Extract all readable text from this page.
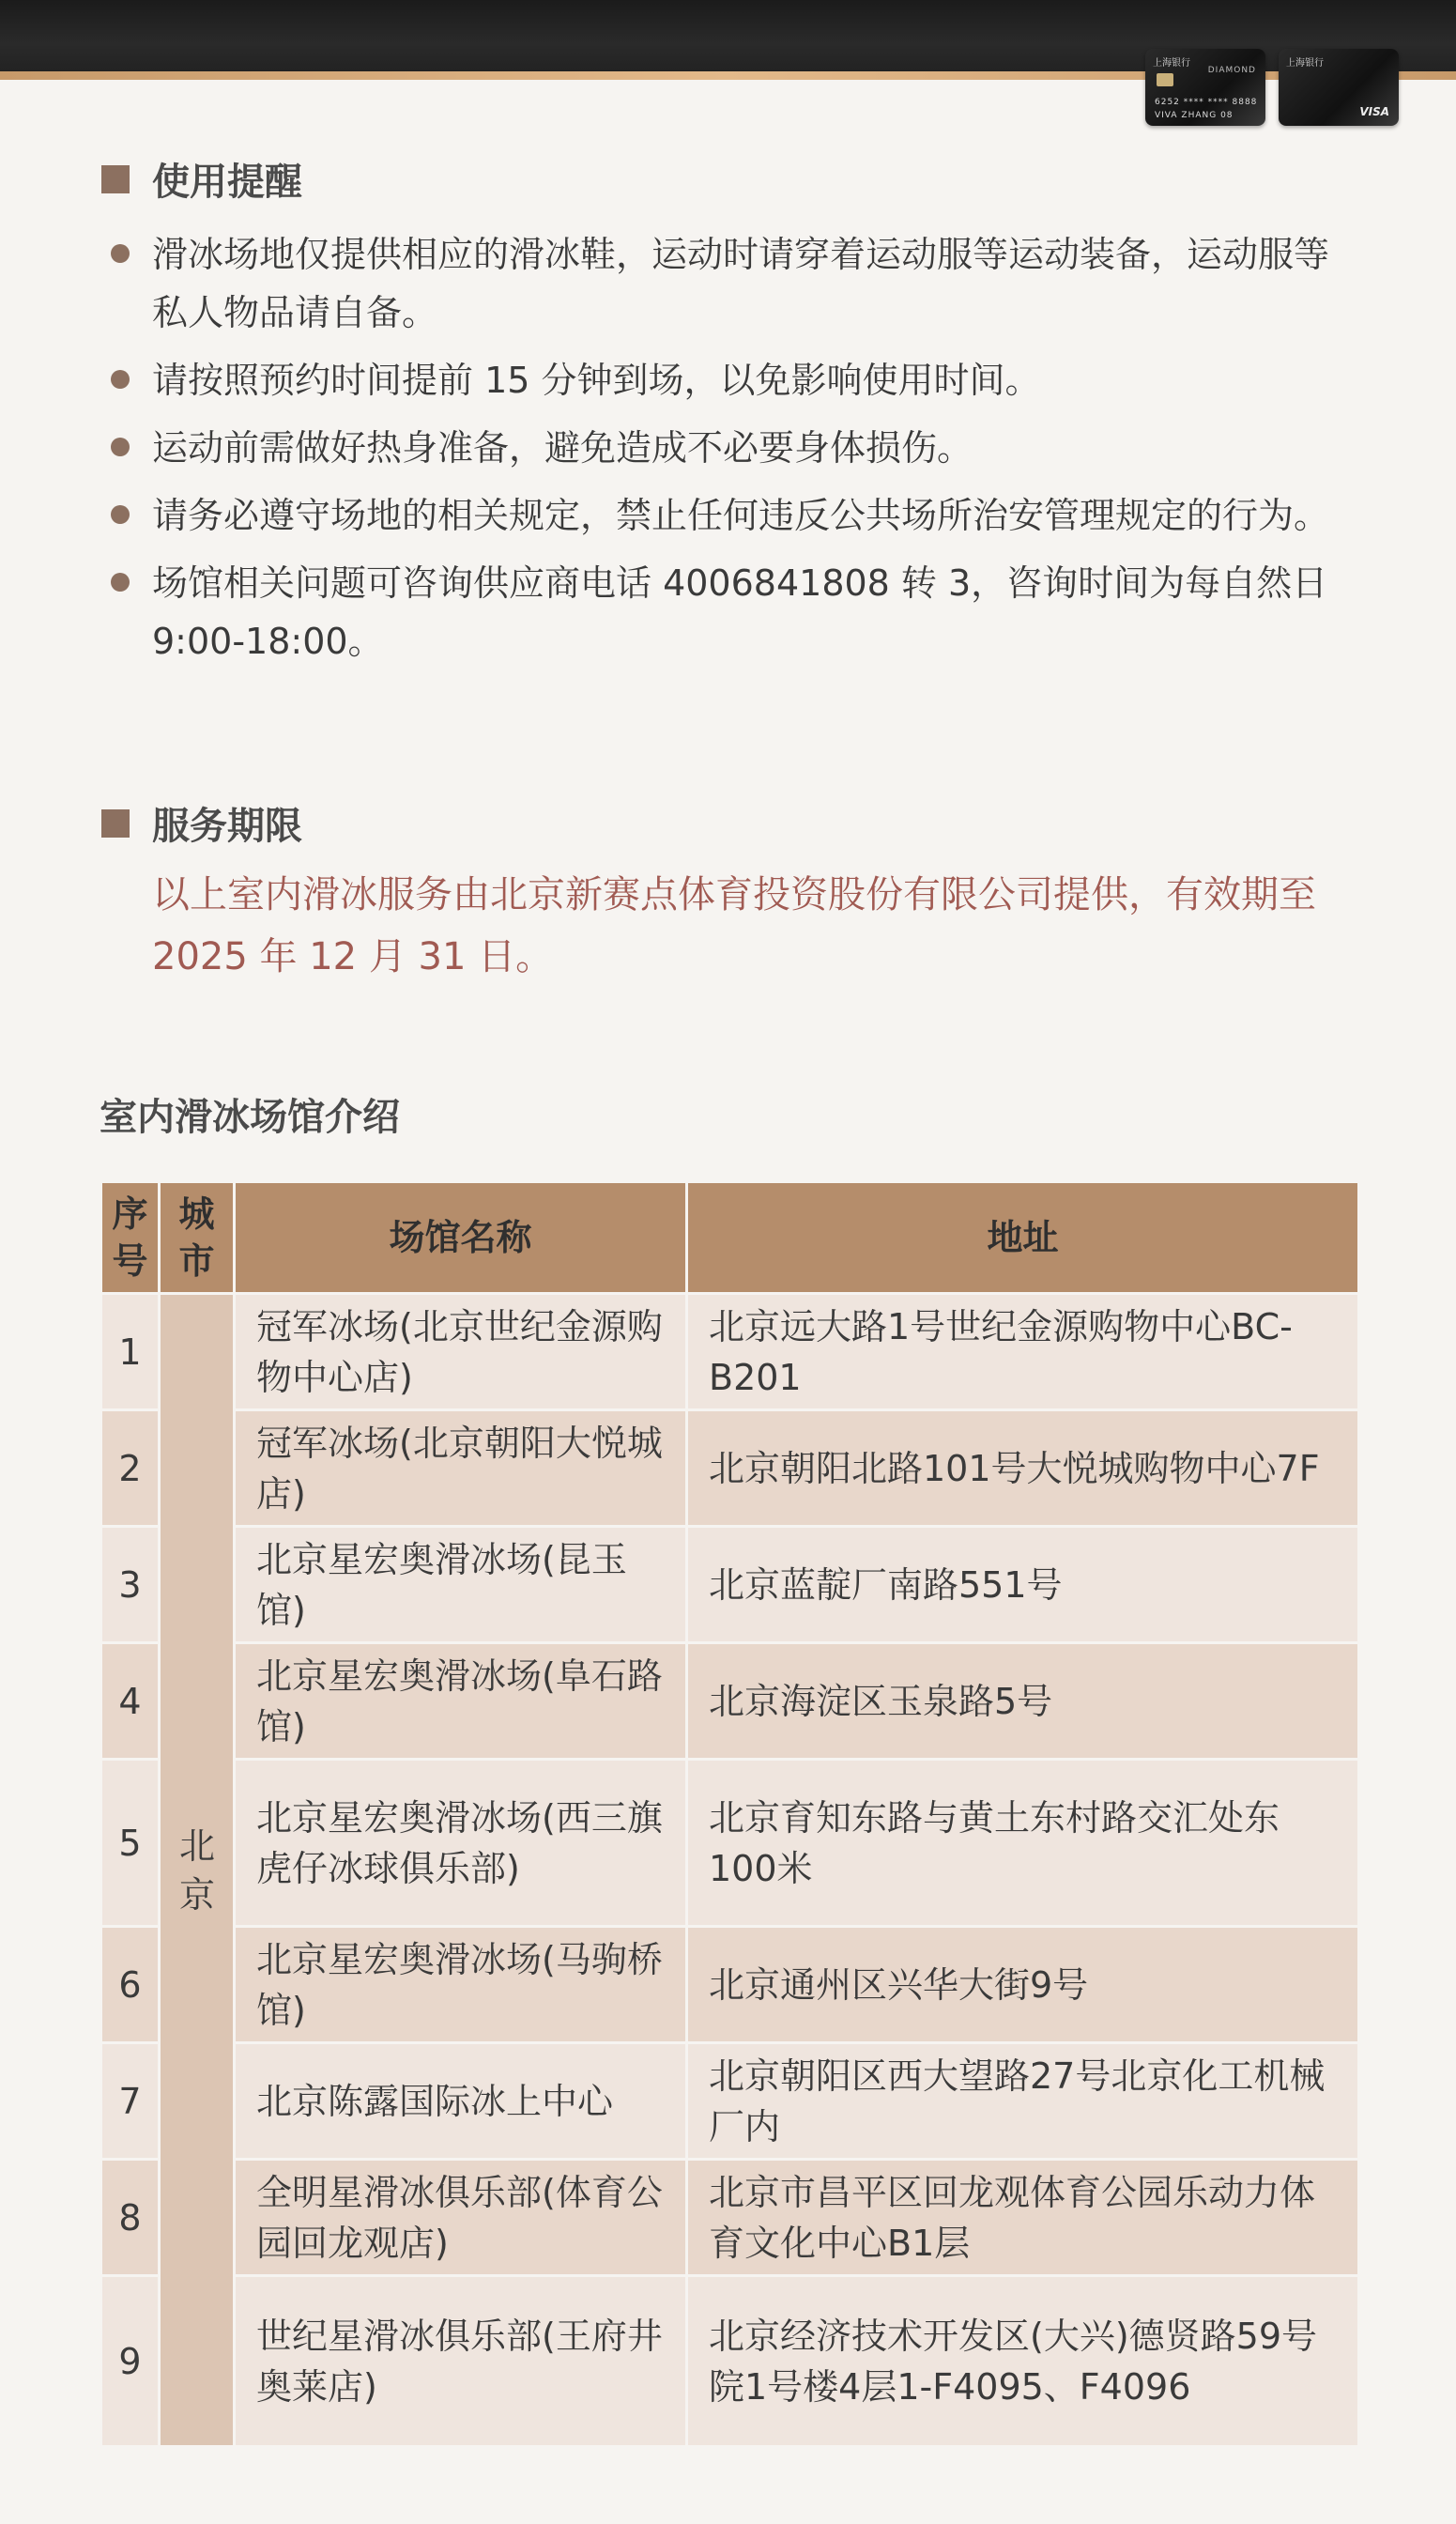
上海银行
DIAMOND
6252 **** **** 8888
VIVA ZHANG 08
上海银行
VISA
使用提醒
滑冰场地仅提供相应的滑冰鞋，运动时请穿着运动服等运动装备，运动服等私人物品请自备。
请按照预约时间提前 15 分钟到场，以免影响使用时间。
运动前需做好热身准备，避免造成不必要身体损伤。
请务必遵守场地的相关规定，禁止任何违反公共场所治安管理规定的行为。
场馆相关问题可咨询供应商电话 4006841808 转 3，咨询时间为每自然日 9:00-18:00。
服务期限
以上室内滑冰服务由北京新赛点体育投资股份有限公司提供，有效期至 2025 年 12 月 31 日。
室内滑冰场馆介绍
序号	城市	场馆名称	地址
1	北京	冠军冰场(北京世纪金源购物中心店)	北京远大路1号世纪金源购物中心BC-B201
2		冠军冰场(北京朝阳大悦城店)	北京朝阳北路101号大悦城购物中心7F
3		北京星宏奥滑冰场(昆玉馆)	北京蓝靛厂南路551号
4		北京星宏奥滑冰场(阜石路馆)	北京海淀区玉泉路5号
5		北京星宏奥滑冰场(西三旗虎仔冰球俱乐部)	北京育知东路与黄土东村路交汇处东100米
6		北京星宏奥滑冰场(马驹桥馆)	北京通州区兴华大街9号
7		北京陈露国际冰上中心	北京朝阳区西大望路27号北京化工机械厂内
8		全明星滑冰俱乐部(体育公园回龙观店)	北京市昌平区回龙观体育公园乐动力体育文化中心B1层
9		世纪星滑冰俱乐部(王府井奥莱店)	北京经济技术开发区(大兴)德贤路59号院1号楼4层1-F4095、F4096
